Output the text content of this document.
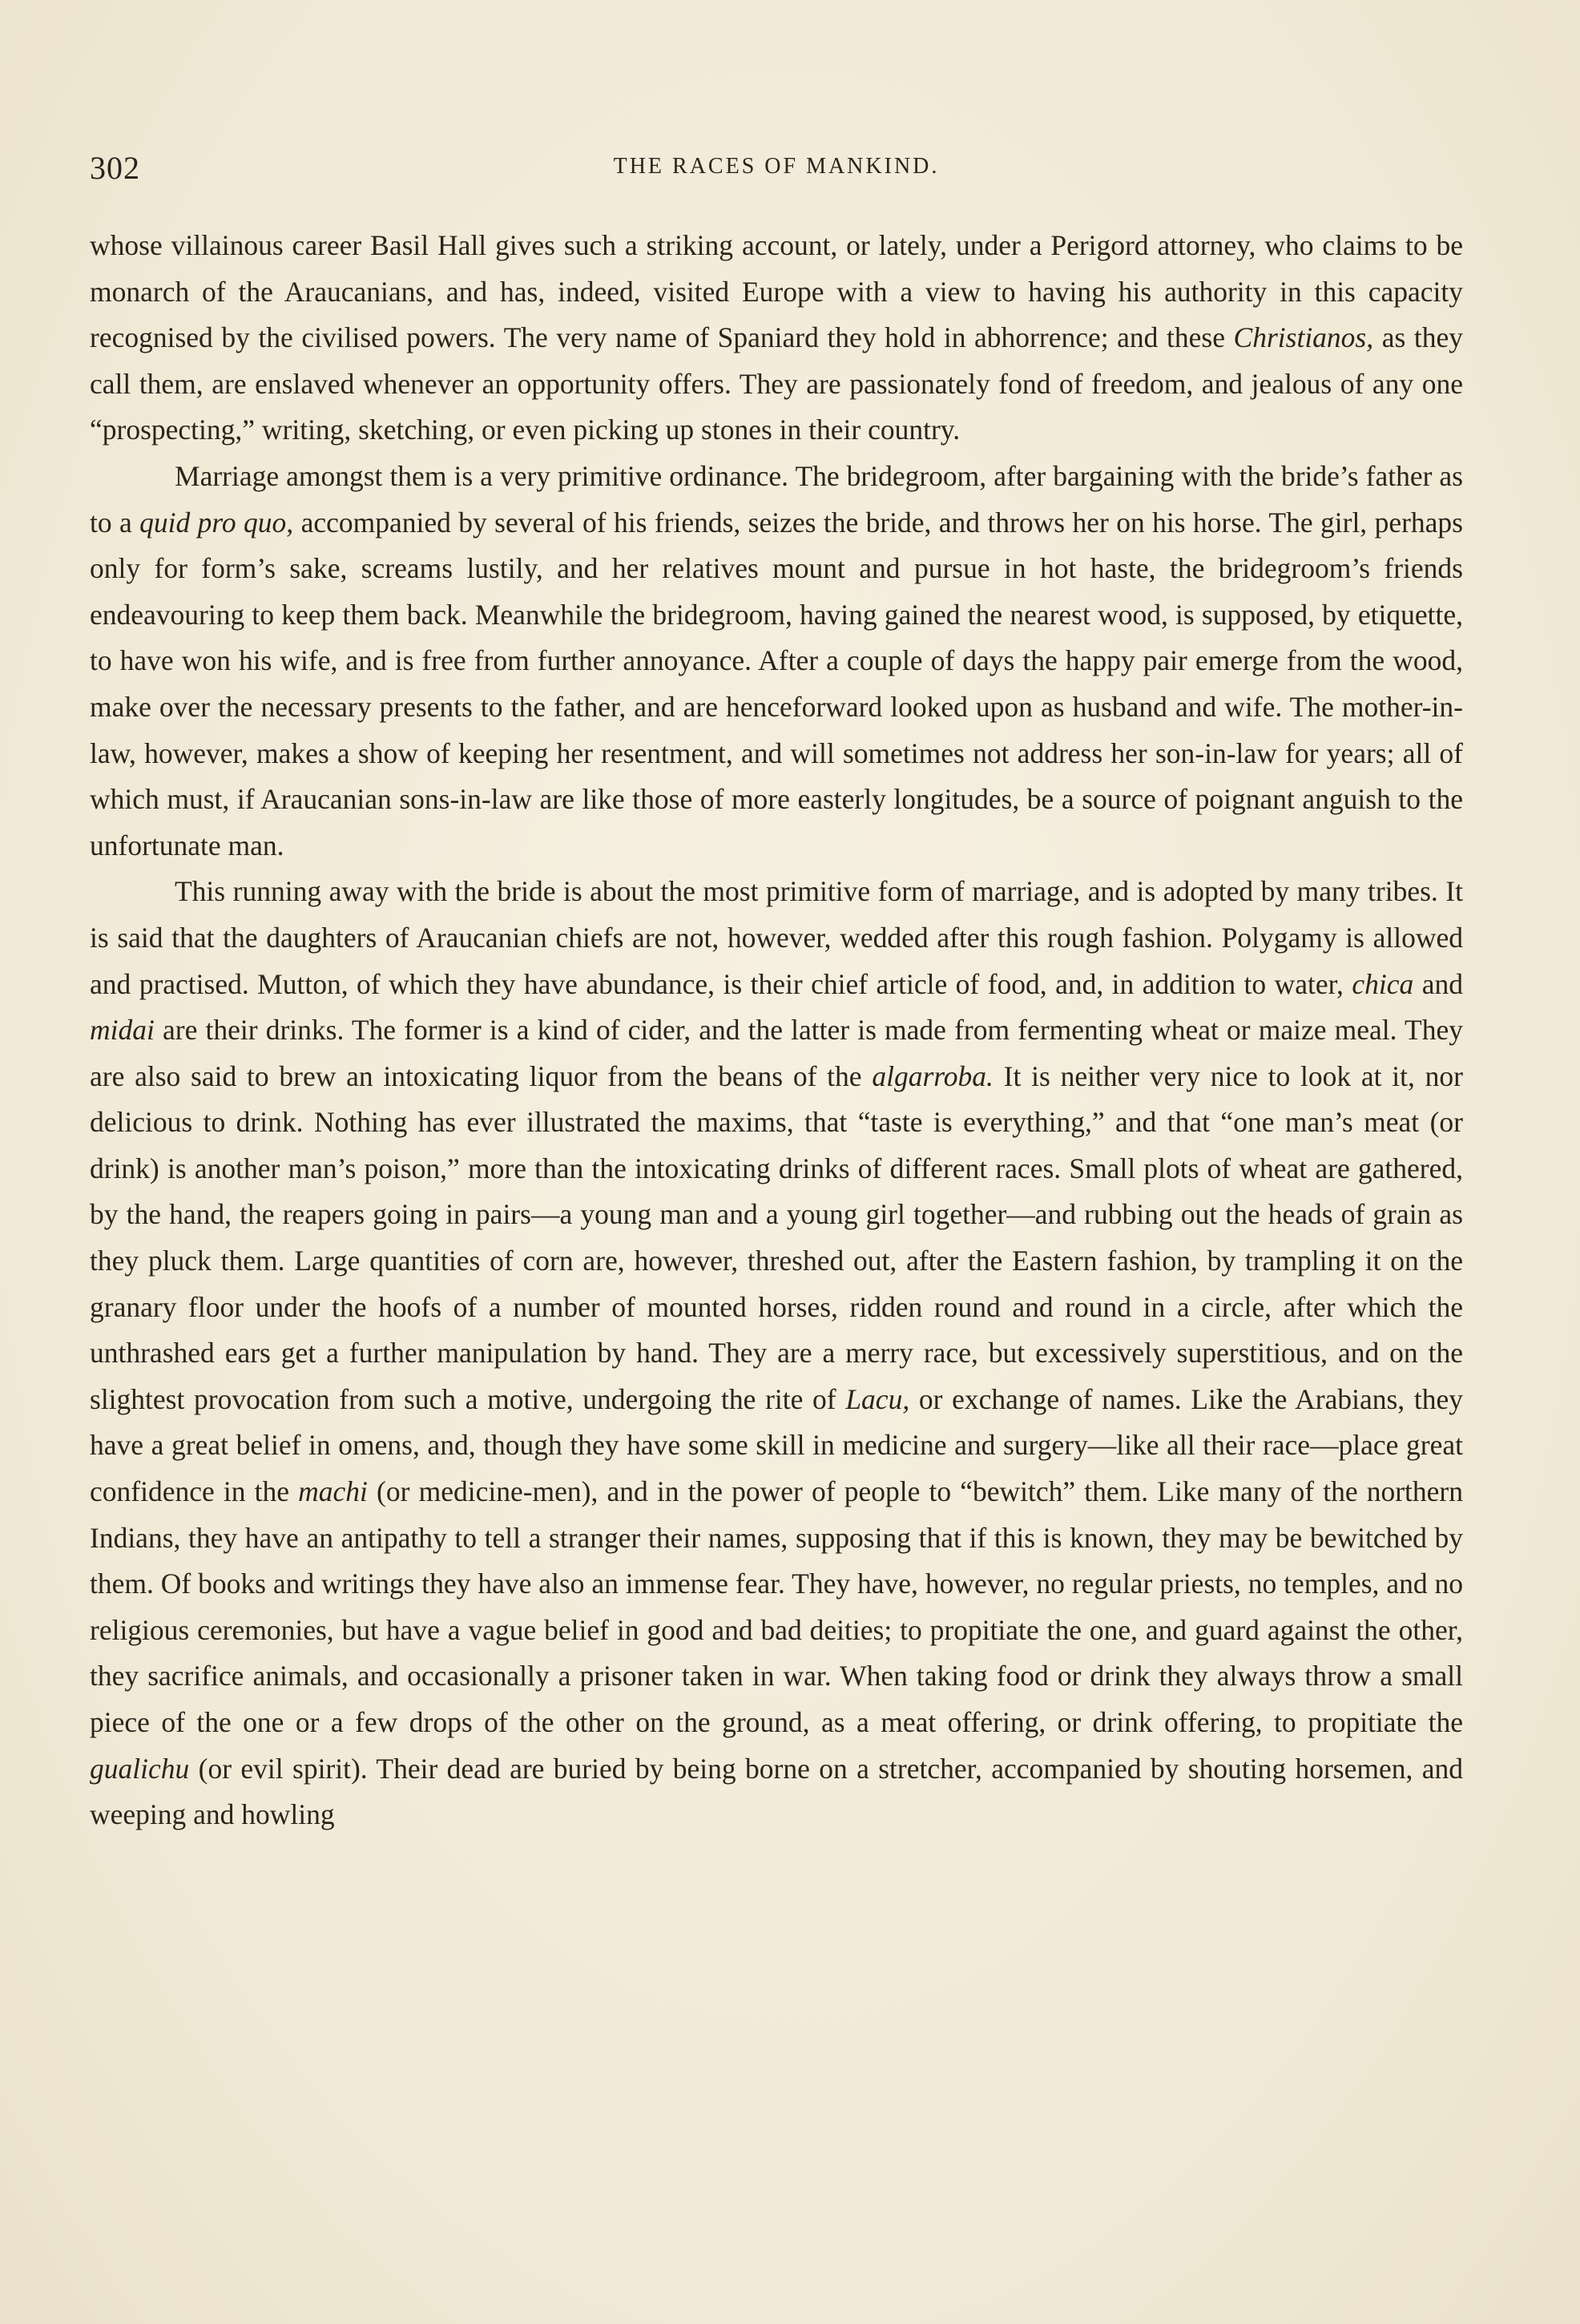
302	THE RACES OF MANKIND.

whose villainous career Basil Hall gives such a striking account, or lately, under a Perigord attorney, who claims to be monarch of the Araucanians, and has, indeed, visited Europe with a view to having his authority in this capacity recognised by the civilised powers. The very name of Spaniard they hold in abhorrence; and these Christianos, as they call them, are enslaved whenever an opportunity offers. They are passionately fond of freedom, and jealous of any one “prospecting,” writing, sketching, or even picking up stones in their country.

Marriage amongst them is a very primitive ordinance. The bridegroom, after bargaining with the bride’s father as to a quid pro quo, accompanied by several of his friends, seizes the bride, and throws her on his horse. The girl, perhaps only for form’s sake, screams lustily, and her relatives mount and pursue in hot haste, the bridegroom’s friends endeavouring to keep them back. Meanwhile the bridegroom, having gained the nearest wood, is supposed, by etiquette, to have won his wife, and is free from further annoyance. After a couple of days the happy pair emerge from the wood, make over the necessary presents to the father, and are henceforward looked upon as husband and wife. The mother-in-law, however, makes a show of keeping her resentment, and will sometimes not address her son-in-law for years; all of which must, if Araucanian sons-in-law are like those of more easterly longitudes, be a source of poignant anguish to the unfortunate man.

This running away with the bride is about the most primitive form of marriage, and is adopted by many tribes. It is said that the daughters of Araucanian chiefs are not, however, wedded after this rough fashion. Polygamy is allowed and practised. Mutton, of which they have abundance, is their chief article of food, and, in addition to water, chica and midai are their drinks. The former is a kind of cider, and the latter is made from fermenting wheat or maize meal. They are also said to brew an intoxicating liquor from the beans of the algarroba. It is neither very nice to look at it, nor delicious to drink. Nothing has ever illustrated the maxims, that “taste is everything,” and that “one man’s meat (or drink) is another man’s poison,” more than the intoxicating drinks of different races. Small plots of wheat are gathered, by the hand, the reapers going in pairs—a young man and a young girl together—and rubbing out the heads of grain as they pluck them. Large quantities of corn are, however, threshed out, after the Eastern fashion, by trampling it on the granary floor under the hoofs of a number of mounted horses, ridden round and round in a circle, after which the unthrashed ears get a further manipulation by hand. They are a merry race, but excessively superstitious, and on the slightest provocation from such a motive, undergoing the rite of Lacu, or exchange of names. Like the Arabians, they have a great belief in omens, and, though they have some skill in medicine and surgery—like all their race—place great confidence in the machi (or medicine-men), and in the power of people to “bewitch” them. Like many of the northern Indians, they have an antipathy to tell a stranger their names, supposing that if this is known, they may be bewitched by them. Of books and writings they have also an immense fear. They have, however, no regular priests, no temples, and no religious ceremonies, but have a vague belief in good and bad deities; to propitiate the one, and guard against the other, they sacrifice animals, and occasionally a prisoner taken in war. When taking food or drink they always throw a small piece of the one or a few drops of the other on the ground, as a meat offering, or drink offering, to propitiate the gualichu (or evil spirit). Their dead are buried by being borne on a stretcher, accompanied by shouting horsemen, and weeping and howling
